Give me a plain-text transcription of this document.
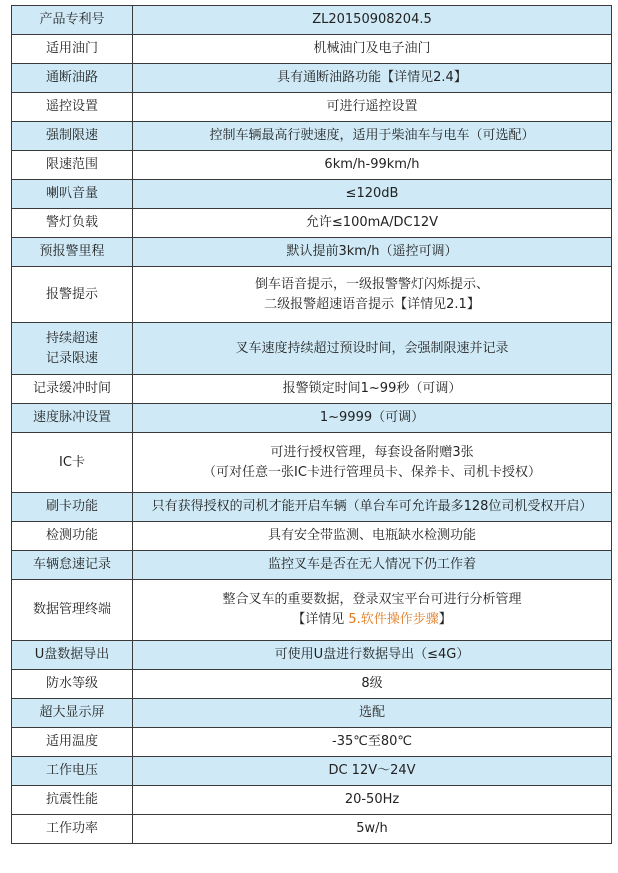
产品专利号	ZL20150908204.5
适用油门	机械油门及电子油门
通断油路	具有通断油路功能【详情见2.4】
遥控设置	可进行遥控设置
强制限速	控制车辆最高行驶速度，适用于柴油车与电车（可选配）
限速范围	6km/h-99km/h
喇叭音量	≤120dB
警灯负载	允许≤100mA/DC12V
预报警里程	默认提前3km/h（遥控可调）
报警提示	倒车语音提示，一级报警警灯闪烁提示、
二级报警超速语音提示【详情见2.1】

持续超速
记录限速	叉车速度持续超过预设时间，会强制限速并记录
记录缓冲时间	报警锁定时间1~99秒（可调）
速度脉冲设置	1~9999（可调）
IC卡	可进行授权管理，每套设备附赠3张
（可对任意一张IC卡进行管理员卡、保养卡、司机卡授权）

刷卡功能	只有获得授权的司机才能开启车辆（单台车可允许最多128位司机受权开启）
检测功能	具有安全带监测、电瓶缺水检测功能
车辆怠速记录	监控叉车是否在无人情况下仍工作着
数据管理终端	整合叉车的重要数据，登录双宝平台可进行分析管理
【详情见 5.软件操作步骤】

U盘数据导出	可使用U盘进行数据导出（≤4G）
防水等级	8级
超大显示屏	选配
适用温度	-35℃至80℃
工作电压	DC 12V～24V
抗震性能	20-50Hz
工作功率	5w/h
